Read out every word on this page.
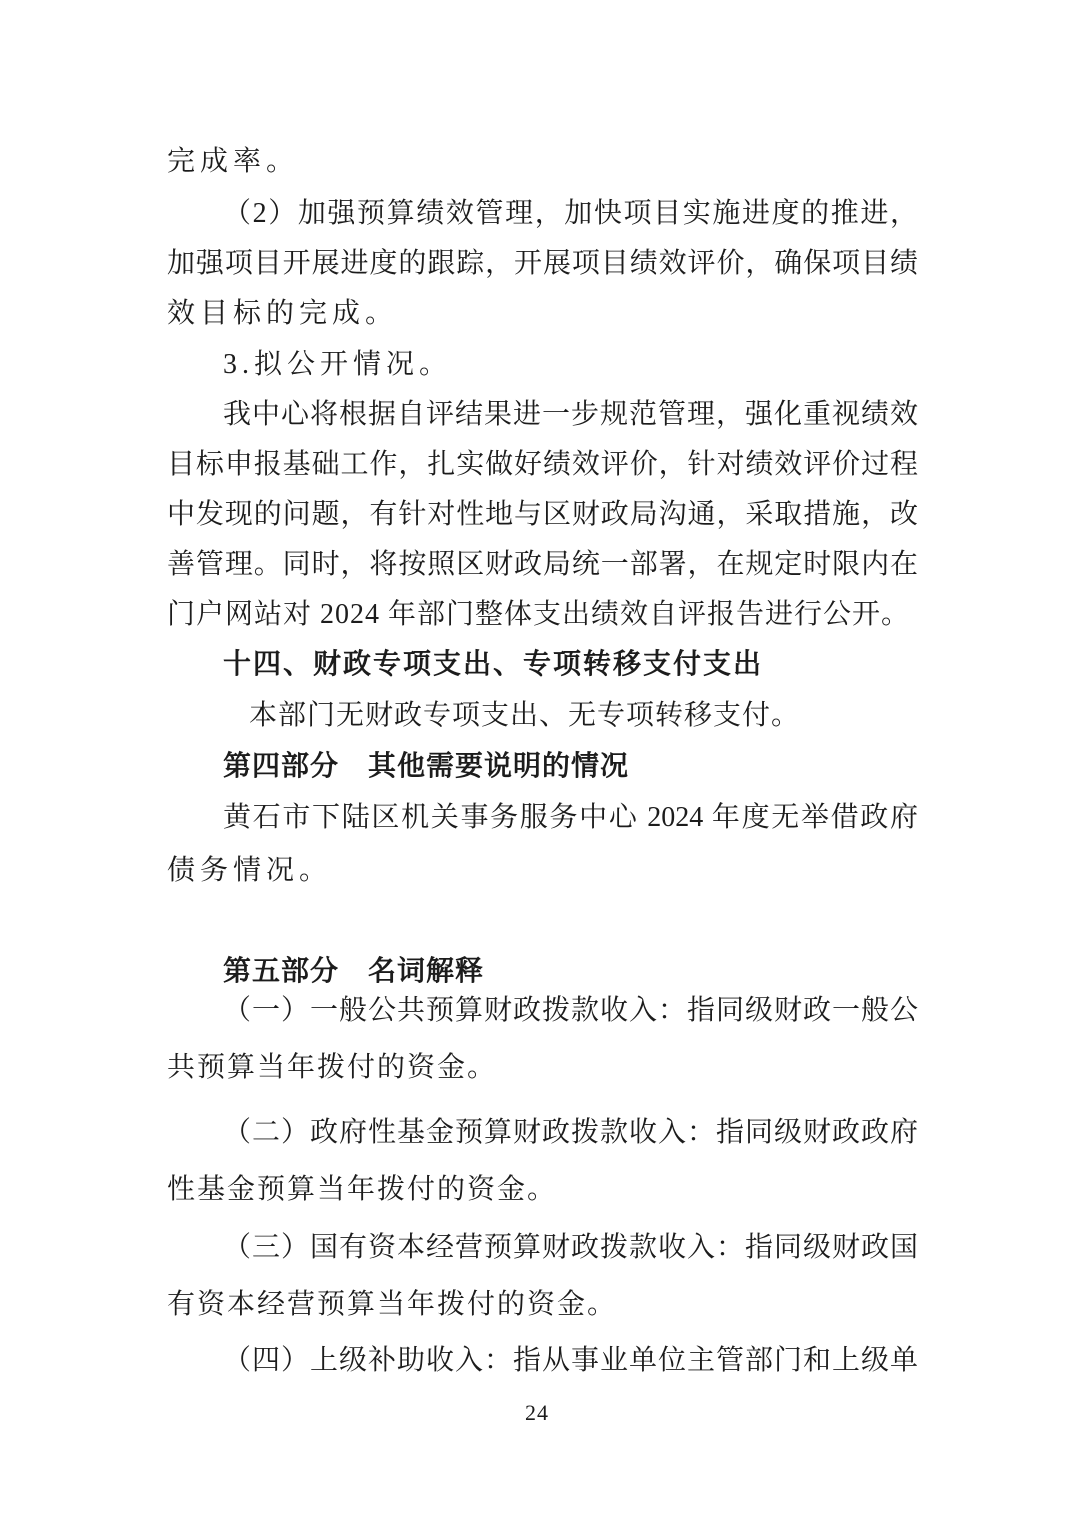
完成率。
（2）加强预算绩效管理，加快项目实施进度的推进，
加强项目开展进度的跟踪，开展项目绩效评价，确保项目绩
效目标的完成。
3.拟公开情况。
我中心将根据自评结果进一步规范管理，强化重视绩效
目标申报基础工作，扎实做好绩效评价，针对绩效评价过程
中发现的问题，有针对性地与区财政局沟通，采取措施，改
善管理。同时，将按照区财政局统一部署，在规定时限内在
门户网站对 2024 年部门整体支出绩效自评报告进行公开。
十四、财政专项支出、专项转移支付支出
本部门无财政专项支出、无专项转移支付。
第四部分　其他需要说明的情况
黄石市下陆区机关事务服务中心 2024 年度无举借政府
债务情况。
第五部分　名词解释
（一）一般公共预算财政拨款收入：指同级财政一般公
共预算当年拨付的资金。
（二）政府性基金预算财政拨款收入：指同级财政政府
性基金预算当年拨付的资金。
（三）国有资本经营预算财政拨款收入：指同级财政国
有资本经营预算当年拨付的资金。
（四）上级补助收入：指从事业单位主管部门和上级单
24
